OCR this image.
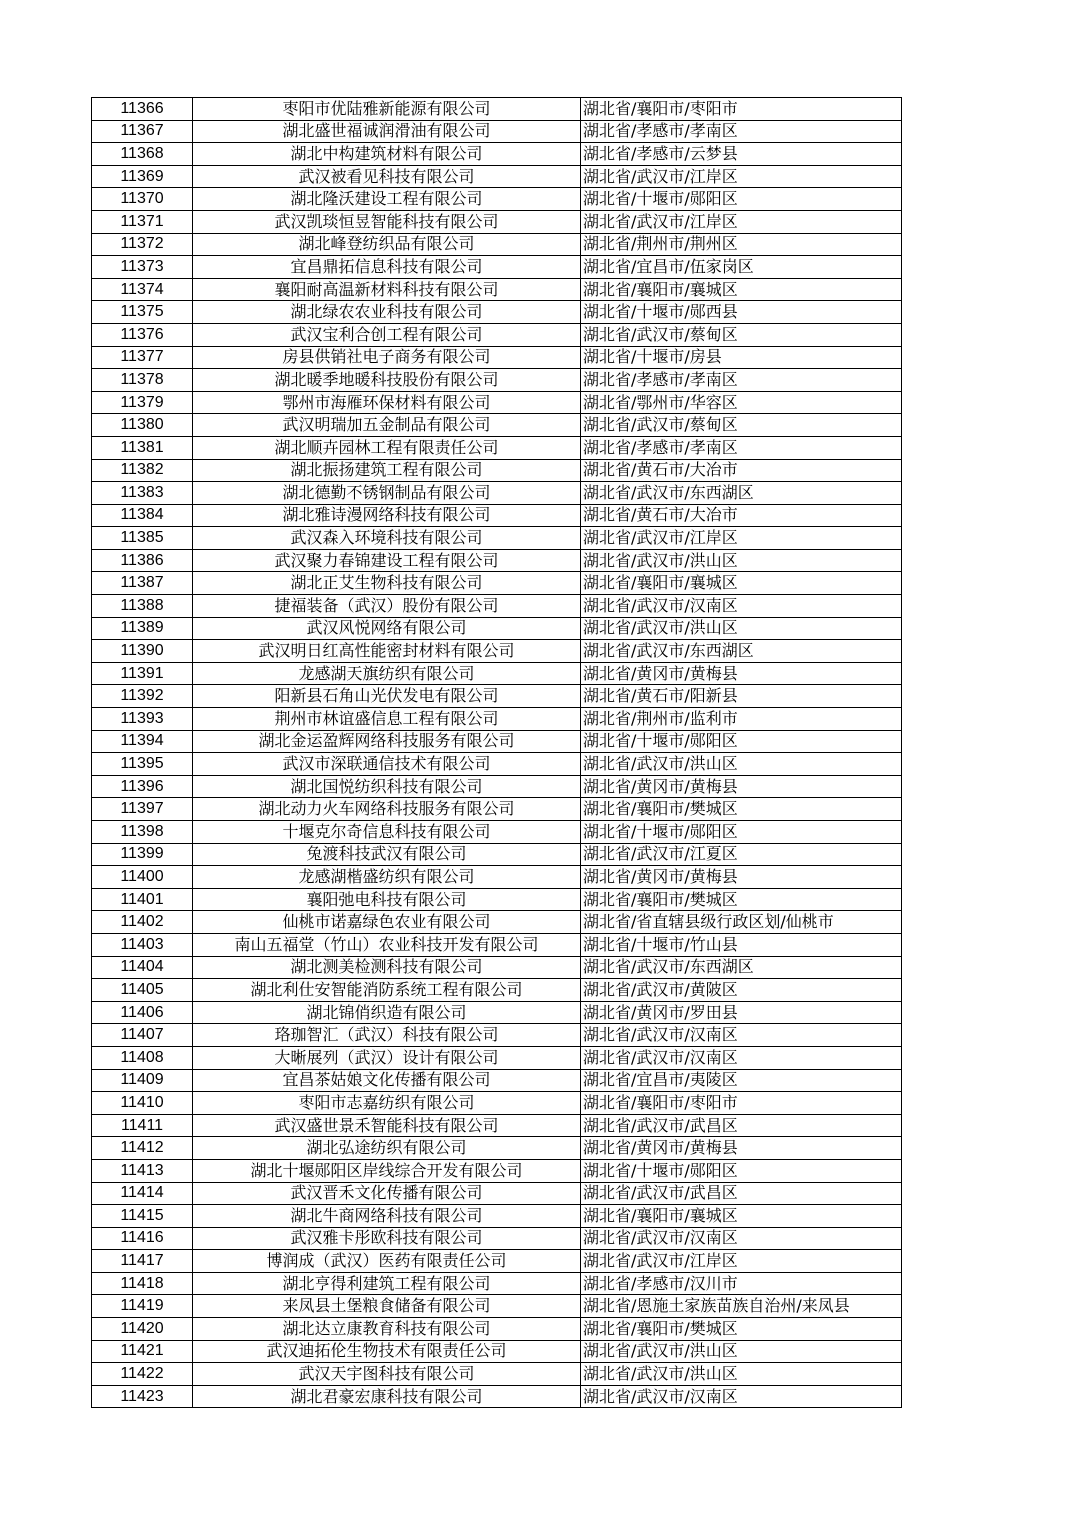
11366	枣阳市优陆雅新能源有限公司	湖北省/襄阳市/枣阳市
11367	湖北盛世福诚润滑油有限公司	湖北省/孝感市/孝南区
11368	湖北中构建筑材料有限公司	湖北省/孝感市/云梦县
11369	武汉被看见科技有限公司	湖北省/武汉市/江岸区
11370	湖北隆沃建设工程有限公司	湖北省/十堰市/郧阳区
11371	武汉凯琰恒昱智能科技有限公司	湖北省/武汉市/江岸区
11372	湖北峰登纺织品有限公司	湖北省/荆州市/荆州区
11373	宜昌鼎拓信息科技有限公司	湖北省/宜昌市/伍家岗区
11374	襄阳耐高温新材料科技有限公司	湖北省/襄阳市/襄城区
11375	湖北绿农农业科技有限公司	湖北省/十堰市/郧西县
11376	武汉宝利合创工程有限公司	湖北省/武汉市/蔡甸区
11377	房县供销社电子商务有限公司	湖北省/十堰市/房县
11378	湖北暖季地暖科技股份有限公司	湖北省/孝感市/孝南区
11379	鄂州市海雁环保材料有限公司	湖北省/鄂州市/华容区
11380	武汉明瑞加五金制品有限公司	湖北省/武汉市/蔡甸区
11381	湖北顺卉园林工程有限责任公司	湖北省/孝感市/孝南区
11382	湖北振扬建筑工程有限公司	湖北省/黄石市/大冶市
11383	湖北德勤不锈钢制品有限公司	湖北省/武汉市/东西湖区
11384	湖北雅诗漫网络科技有限公司	湖北省/黄石市/大冶市
11385	武汉森入环境科技有限公司	湖北省/武汉市/江岸区
11386	武汉聚力春锦建设工程有限公司	湖北省/武汉市/洪山区
11387	湖北正艾生物科技有限公司	湖北省/襄阳市/襄城区
11388	捷福装备（武汉）股份有限公司	湖北省/武汉市/汉南区
11389	武汉风悦网络有限公司	湖北省/武汉市/洪山区
11390	武汉明日红高性能密封材料有限公司	湖北省/武汉市/东西湖区
11391	龙感湖天旗纺织有限公司	湖北省/黄冈市/黄梅县
11392	阳新县石角山光伏发电有限公司	湖北省/黄石市/阳新县
11393	荆州市林谊盛信息工程有限公司	湖北省/荆州市/监利市
11394	湖北金运盈辉网络科技服务有限公司	湖北省/十堰市/郧阳区
11395	武汉市深联通信技术有限公司	湖北省/武汉市/洪山区
11396	湖北国悦纺织科技有限公司	湖北省/黄冈市/黄梅县
11397	湖北动力火车网络科技服务有限公司	湖北省/襄阳市/樊城区
11398	十堰克尔奇信息科技有限公司	湖北省/十堰市/郧阳区
11399	兔渡科技武汉有限公司	湖北省/武汉市/江夏区
11400	龙感湖楷盛纺织有限公司	湖北省/黄冈市/黄梅县
11401	襄阳弛电科技有限公司	湖北省/襄阳市/樊城区
11402	仙桃市诺嘉绿色农业有限公司	湖北省/省直辖县级行政区划/仙桃市
11403	南山五福堂（竹山）农业科技开发有限公司	湖北省/十堰市/竹山县
11404	湖北测美检测科技有限公司	湖北省/武汉市/东西湖区
11405	湖北利仕安智能消防系统工程有限公司	湖北省/武汉市/黄陂区
11406	湖北锦俏织造有限公司	湖北省/黄冈市/罗田县
11407	珞珈智汇（武汉）科技有限公司	湖北省/武汉市/汉南区
11408	大晰展列（武汉）设计有限公司	湖北省/武汉市/汉南区
11409	宜昌茶姑娘文化传播有限公司	湖北省/宜昌市/夷陵区
11410	枣阳市志嘉纺织有限公司	湖北省/襄阳市/枣阳市
11411	武汉盛世景禾智能科技有限公司	湖北省/武汉市/武昌区
11412	湖北弘途纺织有限公司	湖北省/黄冈市/黄梅县
11413	湖北十堰郧阳区岸线综合开发有限公司	湖北省/十堰市/郧阳区
11414	武汉晋禾文化传播有限公司	湖北省/武汉市/武昌区
11415	湖北牛商网络科技有限公司	湖北省/襄阳市/襄城区
11416	武汉雅卡彤欧科技有限公司	湖北省/武汉市/汉南区
11417	博润成（武汉）医药有限责任公司	湖北省/武汉市/江岸区
11418	湖北亨得利建筑工程有限公司	湖北省/孝感市/汉川市
11419	来凤县土堡粮食储备有限公司	湖北省/恩施土家族苗族自治州/来凤县
11420	湖北达立康教育科技有限公司	湖北省/襄阳市/樊城区
11421	武汉迪拓伦生物技术有限责任公司	湖北省/武汉市/洪山区
11422	武汉天宇图科技有限公司	湖北省/武汉市/洪山区
11423	湖北君豪宏康科技有限公司	湖北省/武汉市/汉南区
